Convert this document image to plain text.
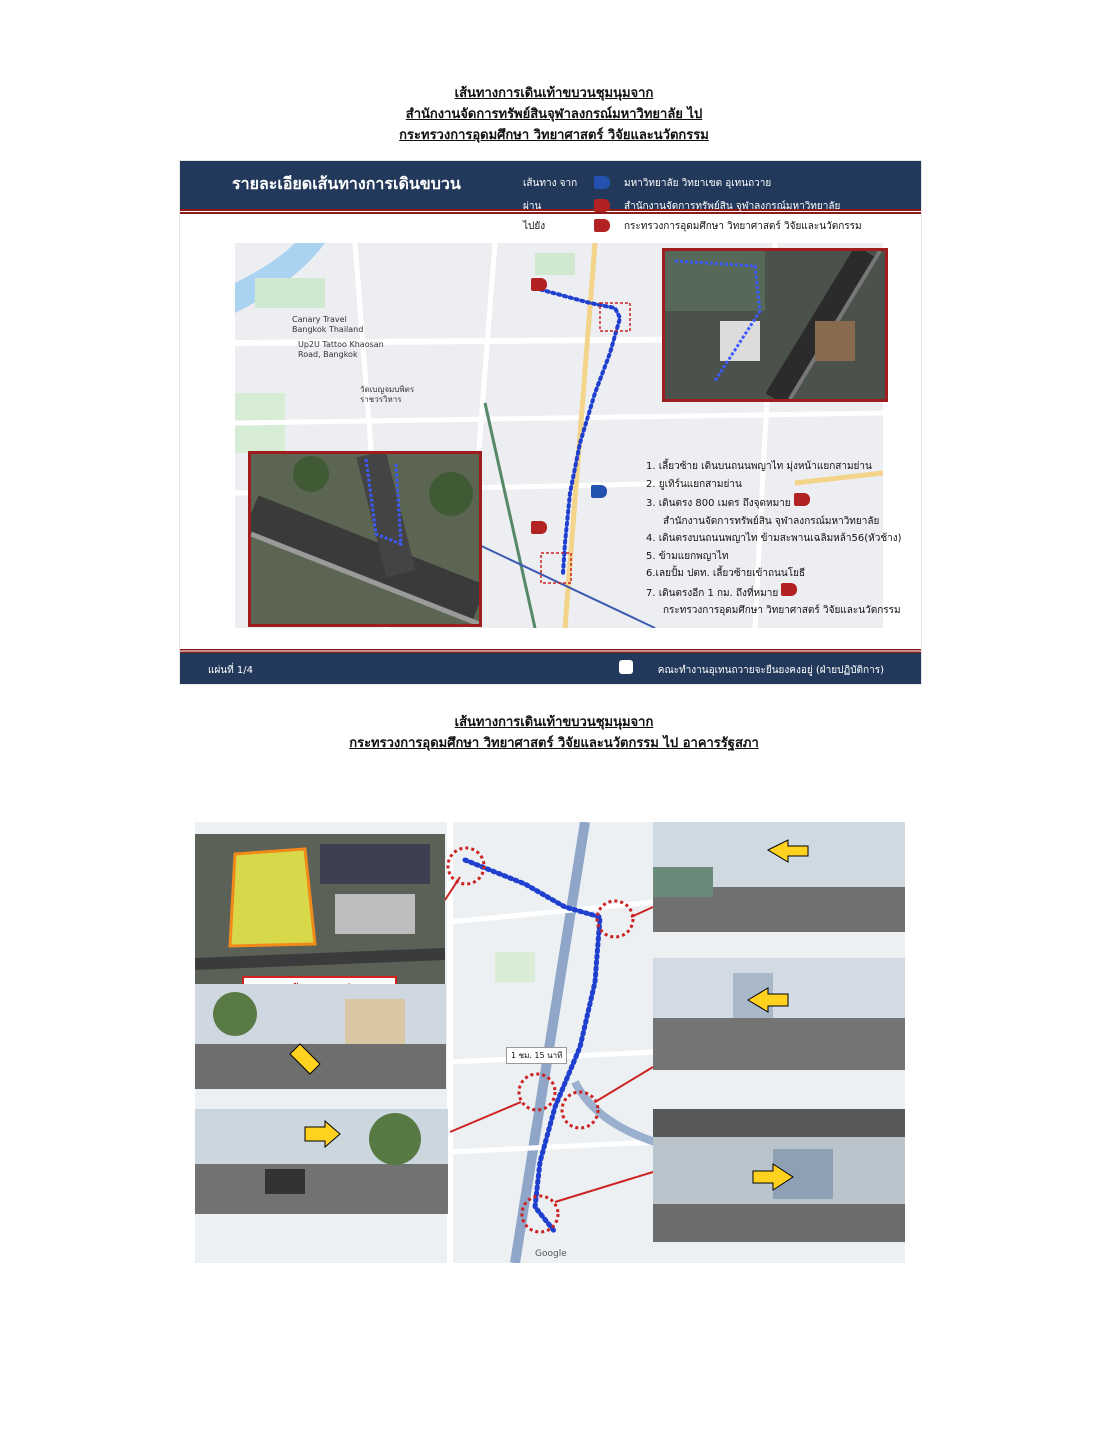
เส้นทางการเดินเท้าขบวนชุมนุมจาก
สำนักงานจัดการทรัพย์สินจุฬาลงกรณ์มหาวิทยาลัย ไป
กระทรวงการอุดมศึกษา วิทยาศาสตร์ วิจัยและนวัตกรรม
รายละเอียดเส้นทางการเดินขบวน	เส้นทาง จาก	มหาวิทยาลัย วิทยาเขต อุเทนถวาย
ผ่าน	สำนักงานจัดการทรัพย์สิน จุฬาลงกรณ์มหาวิทยาลัย
ไปยัง	กระทรวงการอุดมศึกษา วิทยาศาสตร์ วิจัยและนวัตกรรม
Canary Travel
Bangkok Thailand
Up2U Tattoo Khaosan
Road, Bangkok
วัดเบญจมบพิตร
ราชวรวิหาร
1. เลี้ยวซ้าย เดินบนถนนพญาไท มุ่งหน้าแยกสามย่าน
2. ยูเทิร์นแยกสามย่าน
3. เดินตรง 800 เมตร ถึงจุดหมาย
สำนักงานจัดการทรัพย์สิน จุฬาลงกรณ์มหาวิทยาลัย
4. เดินตรงบนถนนพญาไท ข้ามสะพานเฉลิมหล้า56(หัวช้าง)
5. ข้ามแยกพญาไท
6.เลยปั้ม ปตท. เลี้ยวซ้ายเข้าถนนโยธี
7. เดินตรงอีก 1 กม. ถึงที่หมาย
กระทรวงการอุดมศึกษา วิทยาศาสตร์ วิจัยและนวัตกรรม
แผ่นที่ 1/4	คณะทำงานอุเทนถวายจะยืนยงคงอยู่ (ฝ่ายปฏิบัติการ)
เส้นทางการเดินเท้าขบวนชุมนุมจาก
กระทรวงการอุดมศึกษา วิทยาศาสตร์ วิจัยและนวัตกรรม ไป อาคารรัฐสภา
1 ชม. 15 นาที
Google
